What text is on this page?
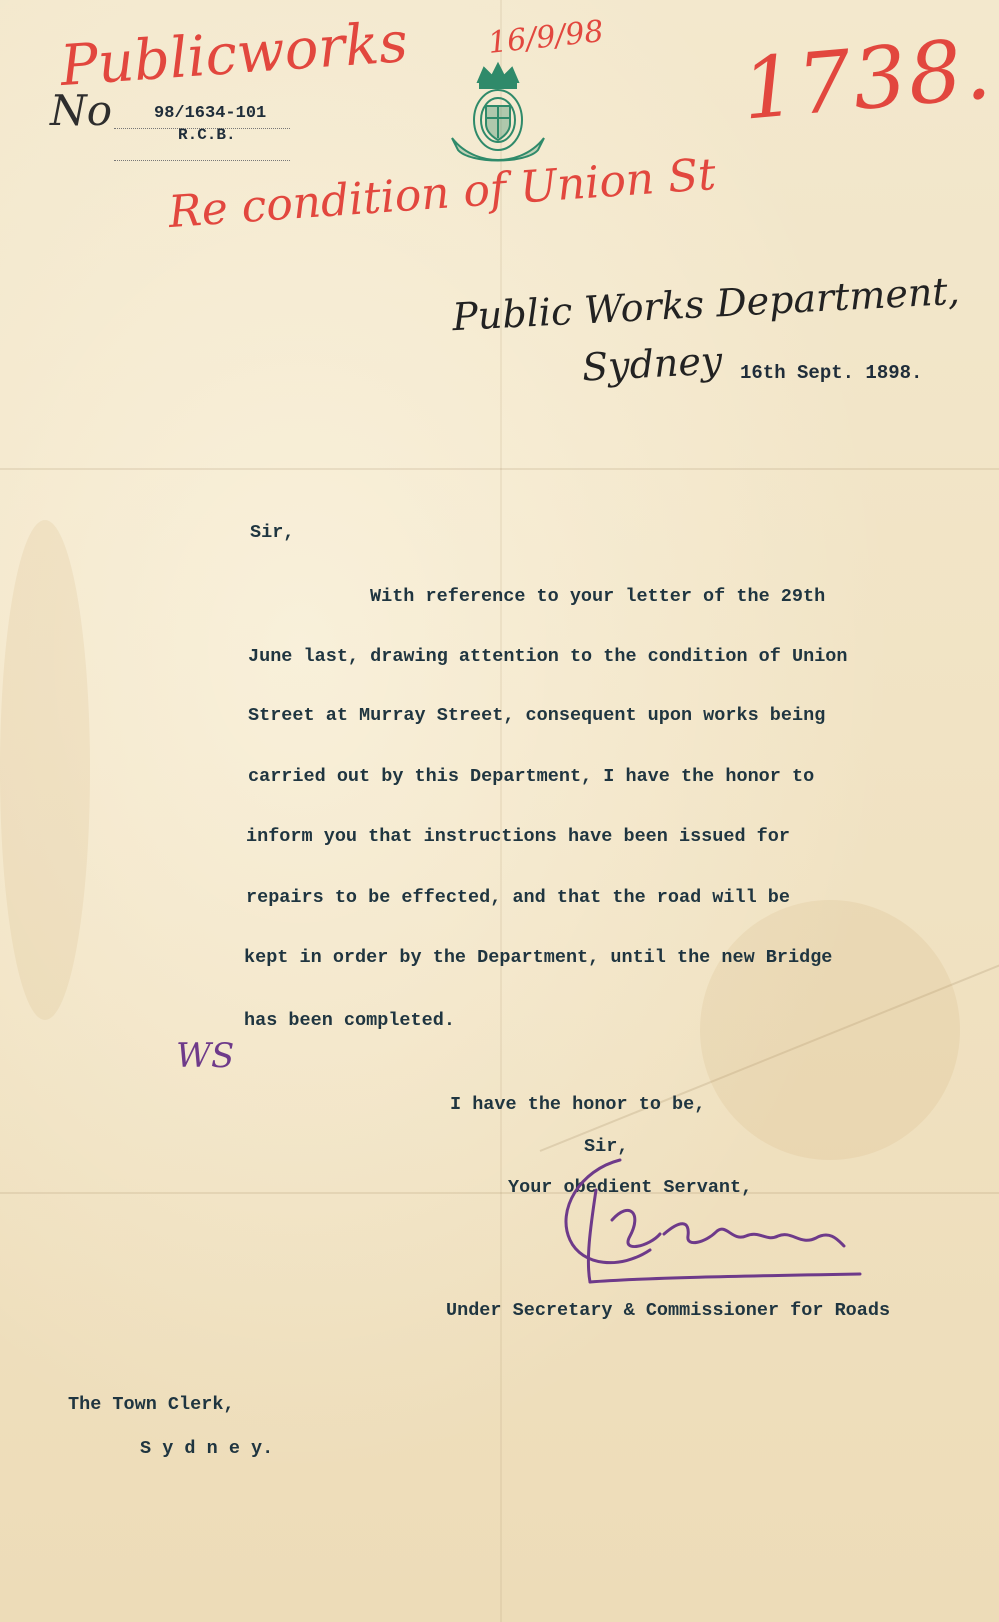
Publicworks	16/9/98 1738.
Re condition of Union St
No 98/1634-101
R.C.B.
Public Works Department,
Sydney 16th Sept. 1898.
Sir,
With reference to your letter of the 29th
June last, drawing attention to the condition of Union
Street at Murray Street, consequent upon works being
carried out by this Department, I have the honor to
inform you that instructions have been issued for
repairs to be effected, and that the road will be
kept in order by the Department, until the new Bridge
has been completed.
WS
I have the honor to be,
Sir,
Your obedient Servant,
Under Secretary & Commissioner for Roads
The Town Clerk,
S y d n e y.
